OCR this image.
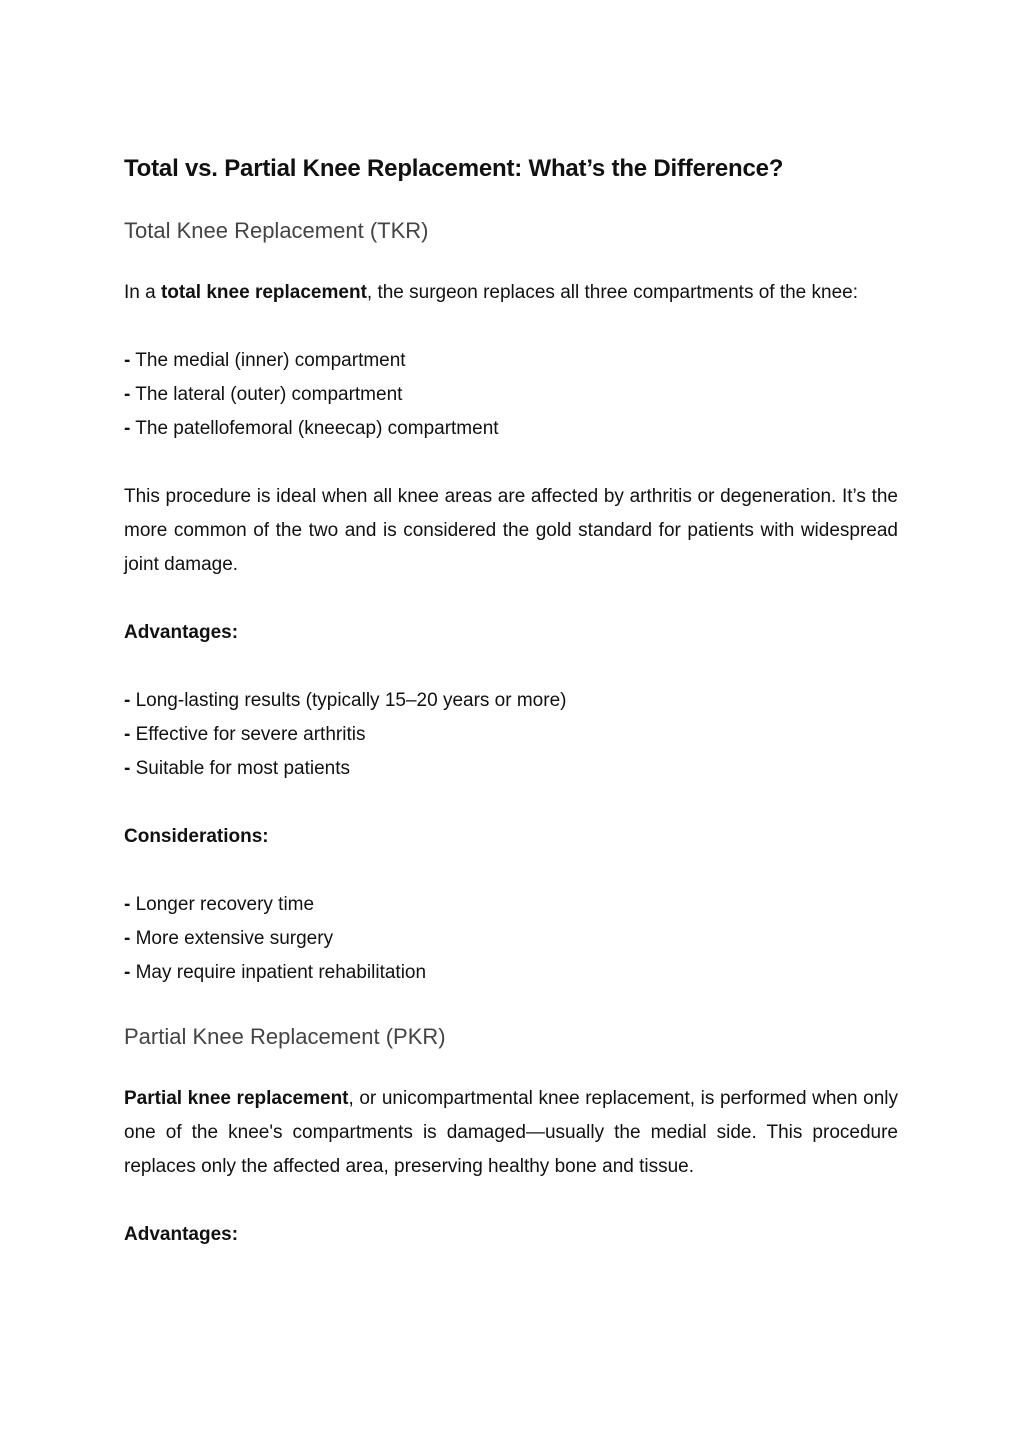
Total vs. Partial Knee Replacement: What’s the Difference?
Total Knee Replacement (TKR)

In a total knee replacement, the surgeon replaces all three compartments of the knee:

- The medial (inner) compartment
- The lateral (outer) compartment
- The patellofemoral (kneecap) compartment

This procedure is ideal when all knee areas are affected by arthritis or degeneration. It’s the more common of the two and is considered the gold standard for patients with widespread joint damage.

Advantages:
- Long-lasting results (typically 15–20 years or more)
- Effective for severe arthritis
- Suitable for most patients
Considerations:
- Longer recovery time
- More extensive surgery
- May require inpatient rehabilitation
Partial Knee Replacement (PKR)

Partial knee replacement, or unicompartmental knee replacement, is performed when only one of the knee's compartments is damaged—usually the medial side. This procedure replaces only the affected area, preserving healthy bone and tissue.

Advantages:
